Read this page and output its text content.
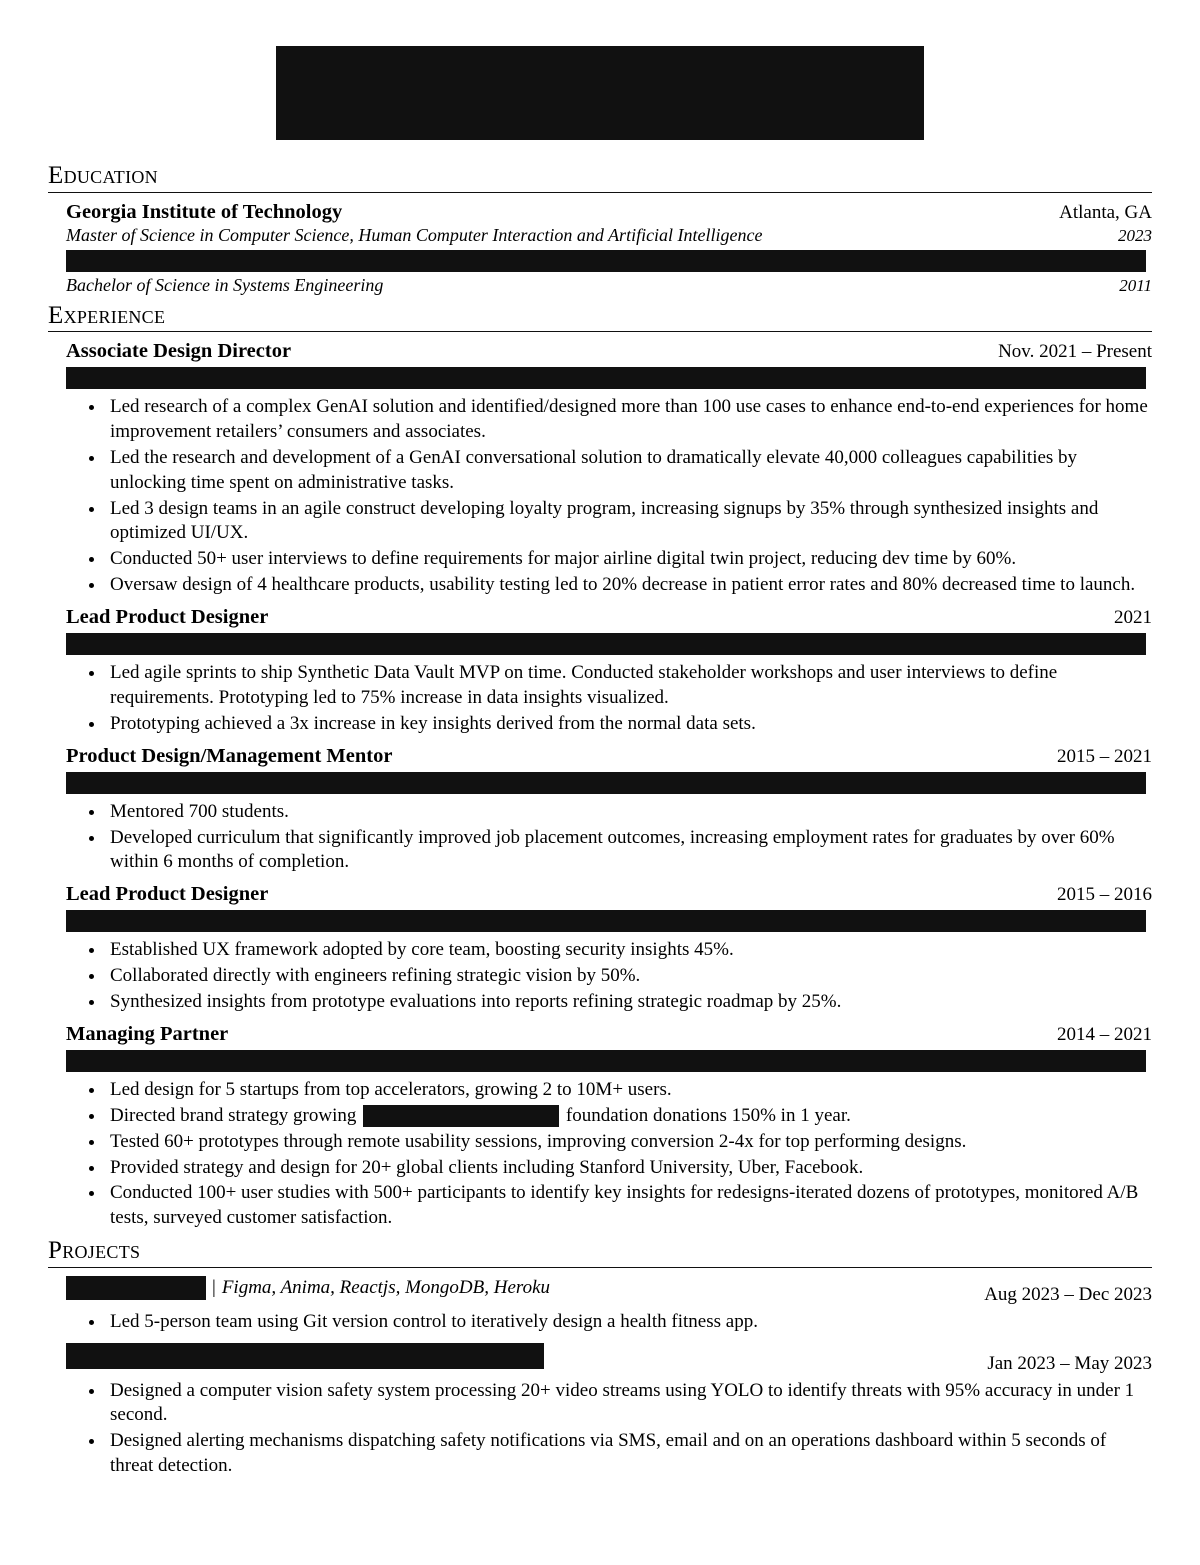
Education
Georgia Institute of Technology	Atlanta, GA
Master of Science in Computer Science, Human Computer Interaction and Artificial Intelligence	2023
Bachelor of Science in Systems Engineering	2011
Experience
Associate Design Director	Nov. 2021 – Present
• Led research of a complex GenAI solution and identified/designed more than 100 use cases to enhance end-to-end experiences for home improvement retailers’ consumers and associates.
• Led the research and development of a GenAI conversational solution to dramatically elevate 40,000 colleagues capabilities by unlocking time spent on administrative tasks.
• Led 3 design teams in an agile construct developing loyalty program, increasing signups by 35% through synthesized insights and optimized UI/UX.
• Conducted 50+ user interviews to define requirements for major airline digital twin project, reducing dev time by 60%.
• Oversaw design of 4 healthcare products, usability testing led to 20% decrease in patient error rates and 80% decreased time to launch.
Lead Product Designer	2021
• Led agile sprints to ship Synthetic Data Vault MVP on time. Conducted stakeholder workshops and user interviews to define requirements. Prototyping led to 75% increase in data insights visualized.
• Prototyping achieved a 3x increase in key insights derived from the normal data sets.
Product Design/Management Mentor	2015 – 2021
• Mentored 700 students.
• Developed curriculum that significantly improved job placement outcomes, increasing employment rates for graduates by over 60% within 6 months of completion.
Lead Product Designer	2015 – 2016
• Established UX framework adopted by core team, boosting security insights 45%.
• Collaborated directly with engineers refining strategic vision by 50%.
• Synthesized insights from prototype evaluations into reports refining strategic roadmap by 25%.
Managing Partner	2014 – 2021
• Led design for 5 startups from top accelerators, growing 2 to 10M+ users.
• Directed brand strategy growing	foundation donations 150% in 1 year.
• Tested 60+ prototypes through remote usability sessions, improving conversion 2-4x for top performing designs.
• Provided strategy and design for 20+ global clients including Stanford University, Uber, Facebook.
• Conducted 100+ user studies with 500+ participants to identify key insights for redesigns-iterated dozens of prototypes, monitored A/B tests, surveyed customer satisfaction.
Projects
| Figma, Anima, Reactjs, MongoDB, Heroku	Aug 2023 – Dec 2023
• Led 5-person team using Git version control to iteratively design a health fitness app.
Jan 2023 – May 2023
• Designed a computer vision safety system processing 20+ video streams using YOLO to identify threats with 95% accuracy in under 1 second.
• Designed alerting mechanisms dispatching safety notifications via SMS, email and on an operations dashboard within 5 seconds of threat detection.
